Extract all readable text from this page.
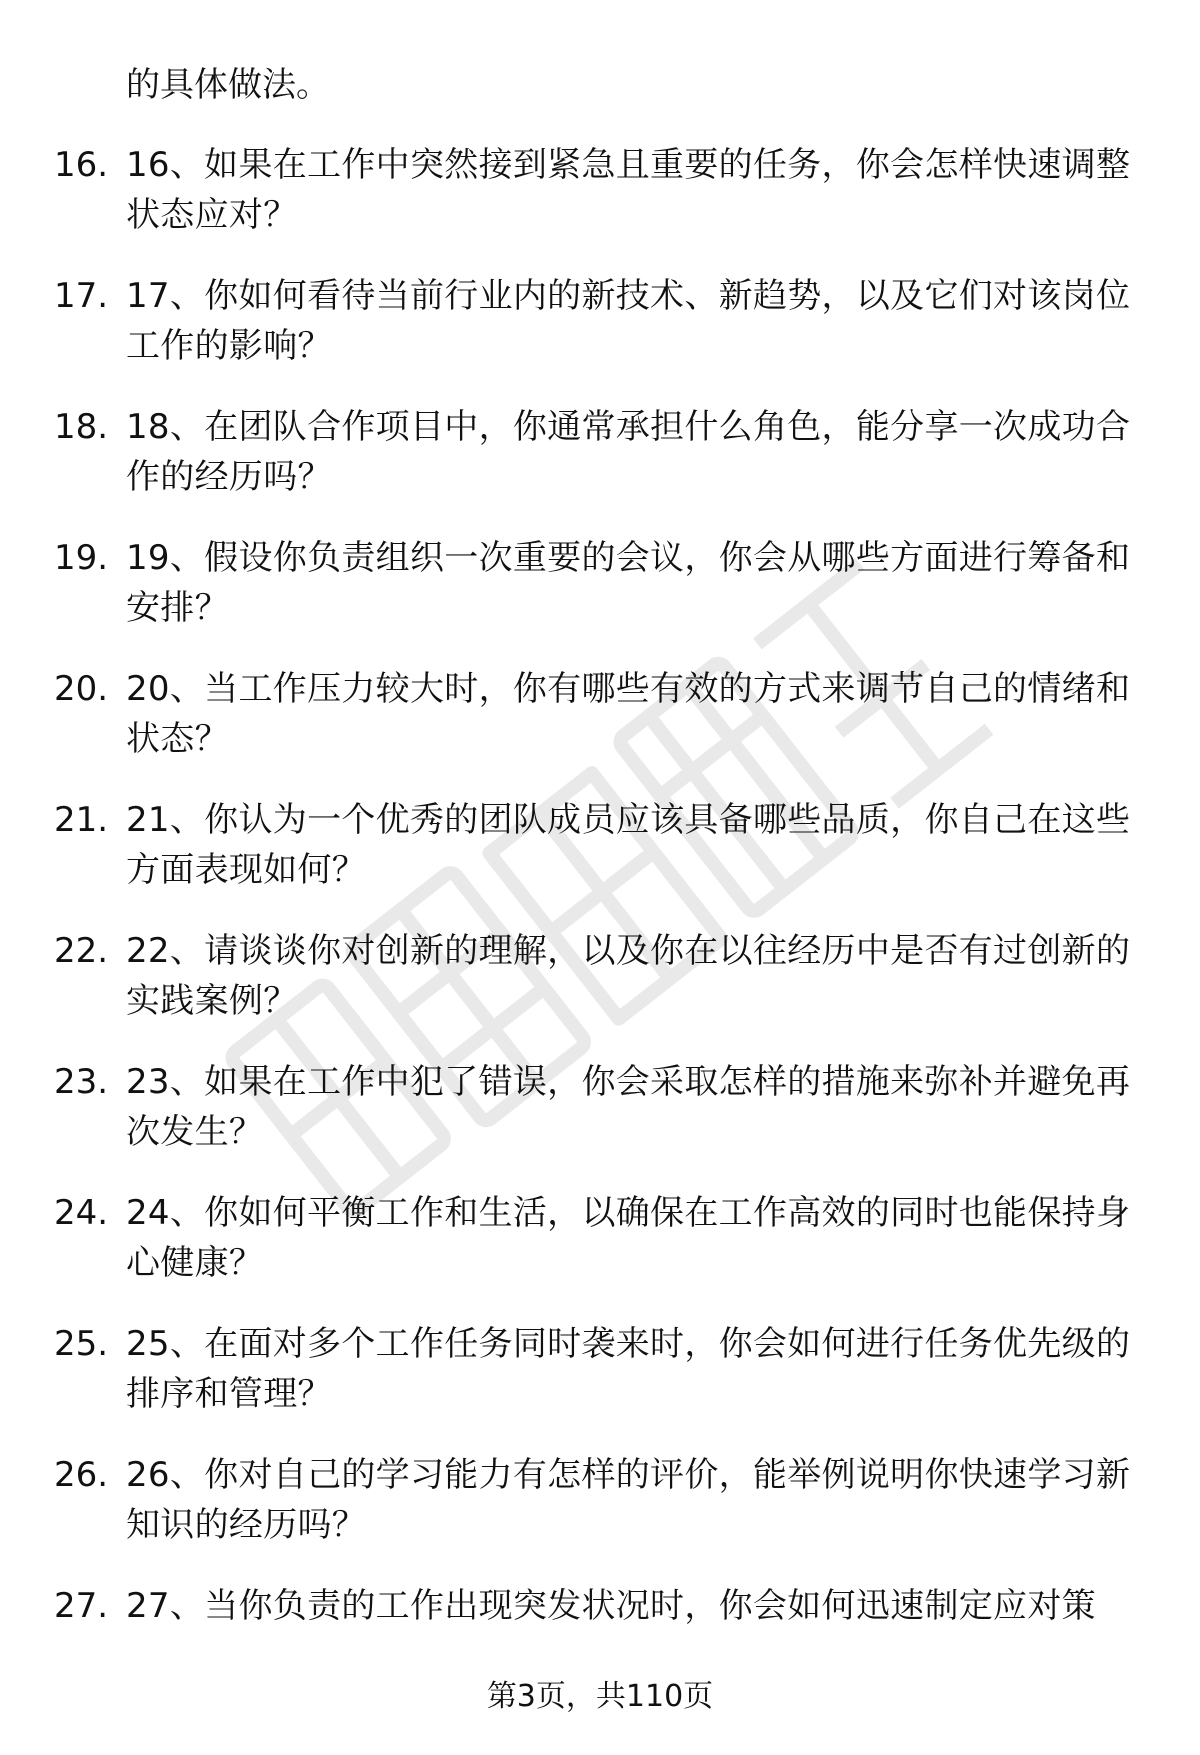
的具体做法。
16. 16、如果在工作中突然接到紧急且重要的任务，你会怎样快速调整状态应对？
17. 17、你如何看待当前行业内的新技术、新趋势，以及它们对该岗位工作的影响？
18. 18、在团队合作项目中，你通常承担什么角色，能分享一次成功合作的经历吗？
19. 19、假设你负责组织一次重要的会议，你会从哪些方面进行筹备和安排？
20. 20、当工作压力较大时，你有哪些有效的方式来调节自己的情绪和状态？
21. 21、你认为一个优秀的团队成员应该具备哪些品质，你自己在这些方面表现如何？
22. 22、请谈谈你对创新的理解，以及你在以往经历中是否有过创新的实践案例？
23. 23、如果在工作中犯了错误，你会采取怎样的措施来弥补并避免再次发生？
24. 24、你如何平衡工作和生活，以确保在工作高效的同时也能保持身心健康？
25. 25、在面对多个工作任务同时袭来时，你会如何进行任务优先级的排序和管理？
26. 26、你对自己的学习能力有怎样的评价，能举例说明你快速学习新知识的经历吗？
27. 27、当你负责的工作出现突发状况时，你会如何迅速制定应对策
第3页，共110页
